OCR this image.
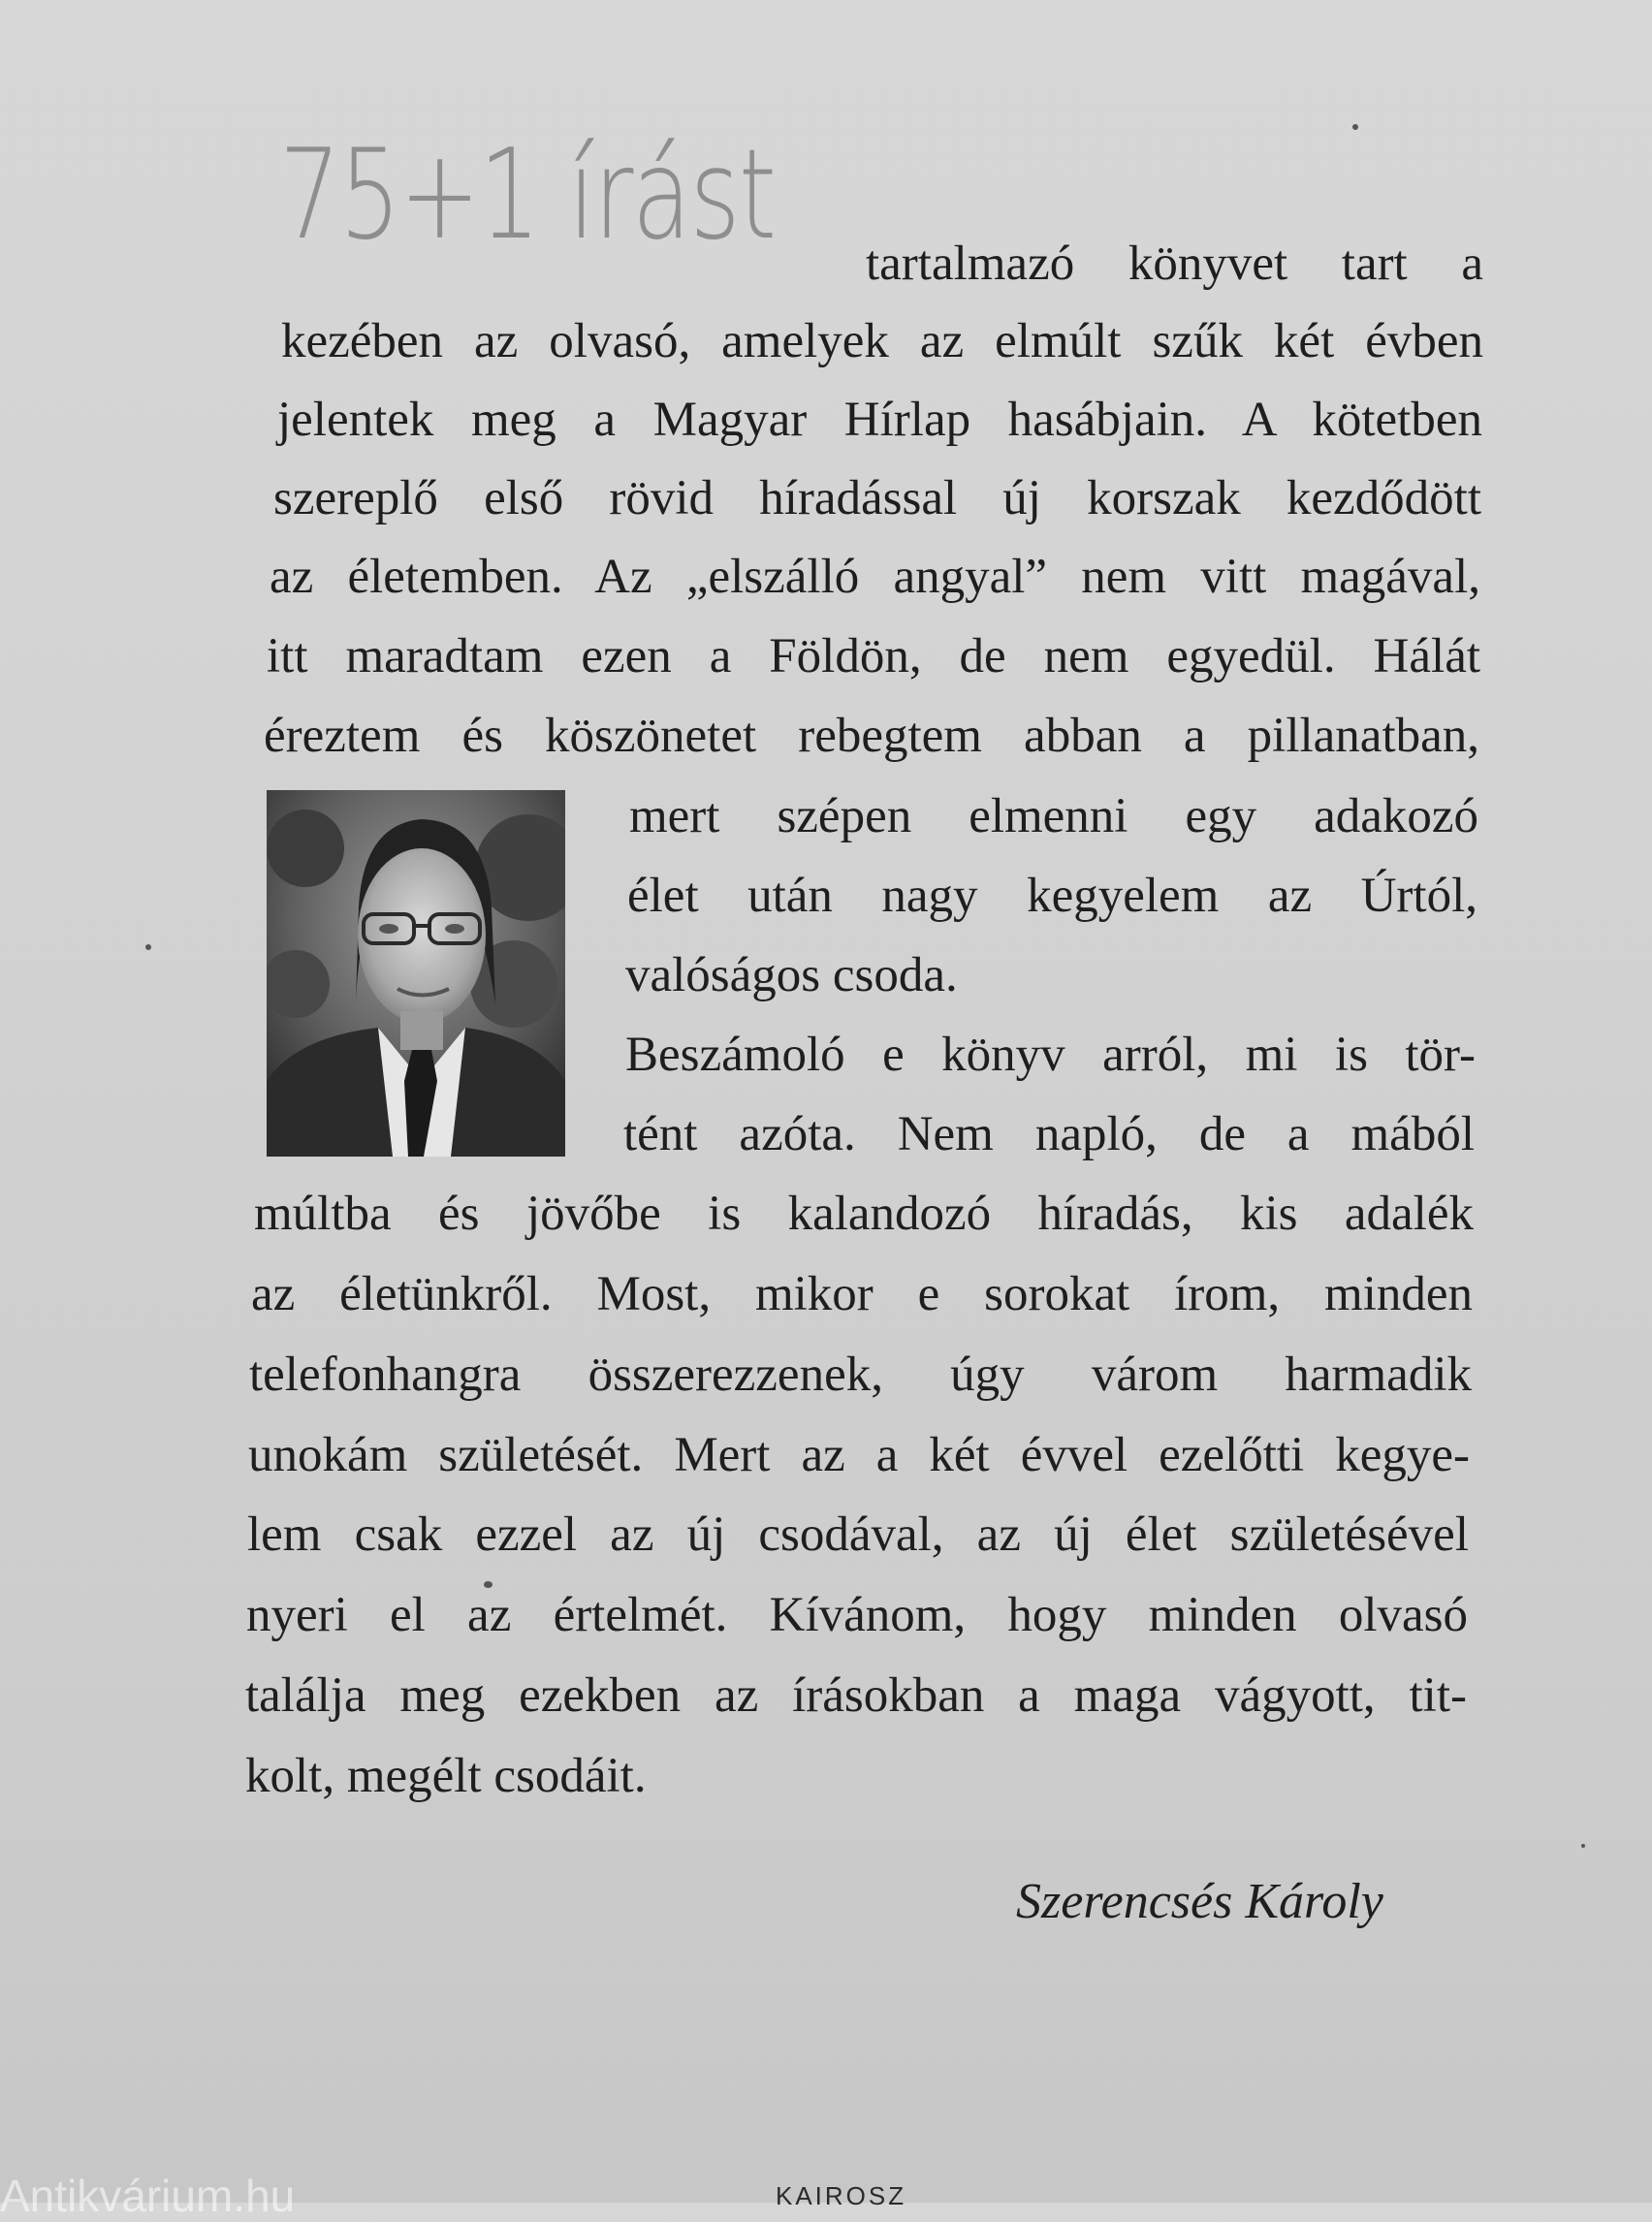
75+1 írást tartalmazó könyvet tart a
kezében az olvasó, amelyek az elmúlt szűk két évben
jelentek meg a Magyar Hírlap hasábjain. A kötetben
szereplő első rövid híradással új korszak kezdődött
az életemben. Az „elszálló angyal” nem vitt magával,
itt maradtam ezen a Földön, de nem egyedül. Hálát
éreztem és köszönetet rebegtem abban a pillanatban,
mert szépen elmenni egy adakozó
élet után nagy kegyelem az Úrtól,
valóságos csoda.
Beszámoló e könyv arról, mi is tör-
tént azóta. Nem napló, de a mából
múltba és jövőbe is kalandozó híradás, kis adalék
az életünkről. Most, mikor e sorokat írom, minden
telefonhangra összerezzenek, úgy várom harmadik
unokám születését. Mert az a két évvel ezelőtti kegye-
lem csak ezzel az új csodával, az új élet születésével
nyeri el az értelmét. Kívánom, hogy minden olvasó
találja meg ezekben az írásokban a maga vágyott, tit-
kolt, megélt csodáit.
Szerencsés Károly
Antikvárium.hu	KAIROSZ
